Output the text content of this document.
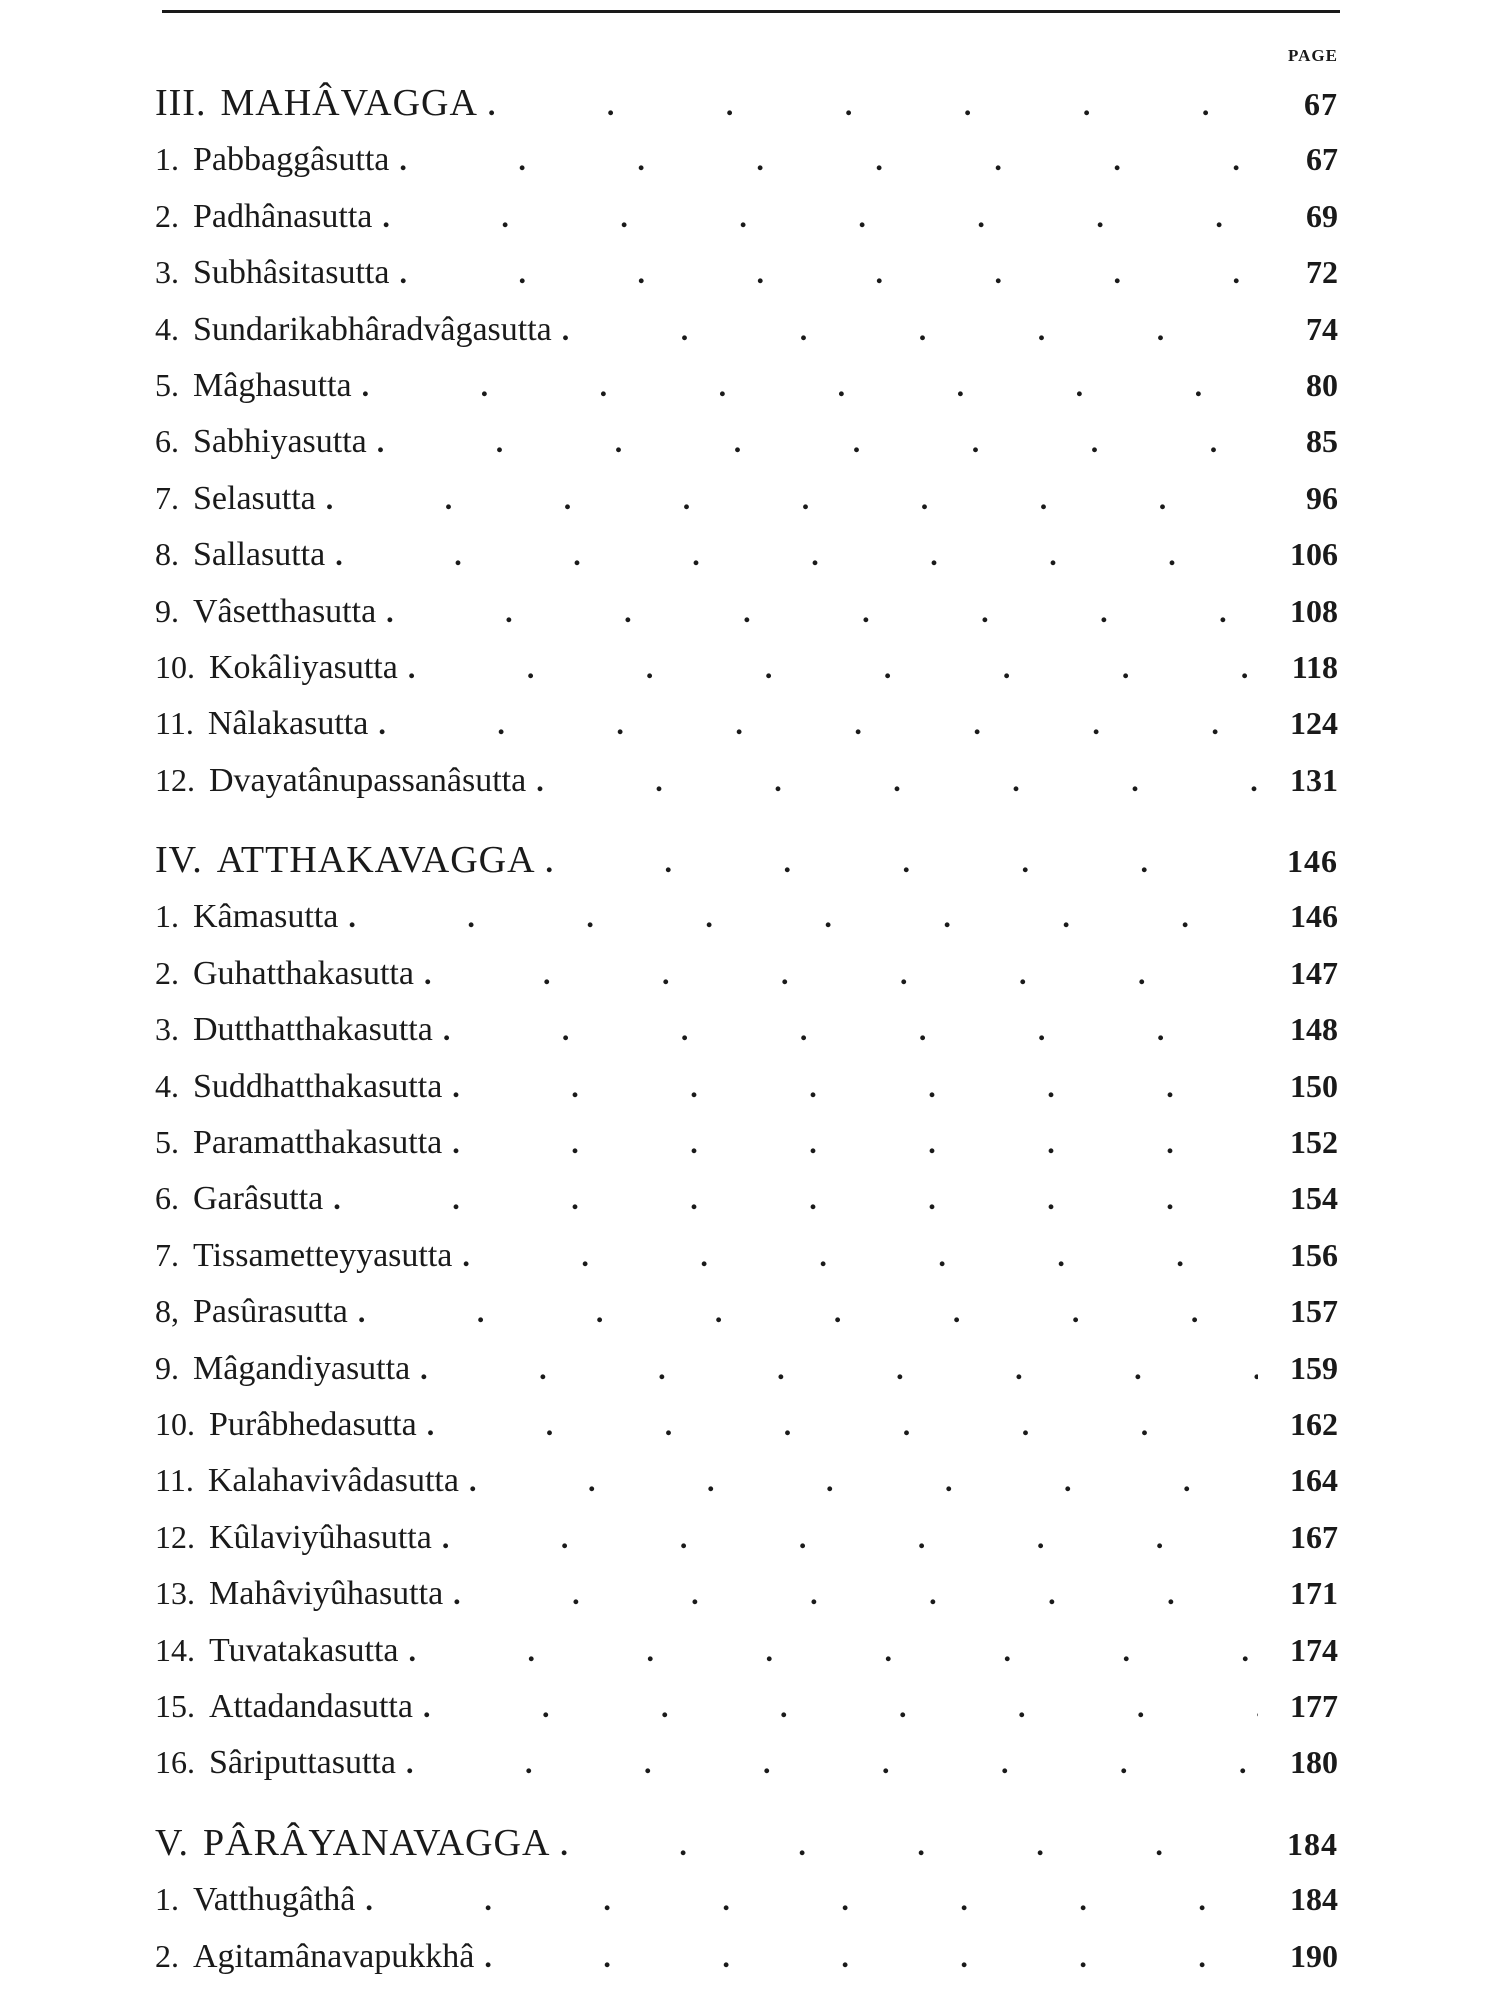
PAGE
III. MAHÂVAGGA . . .	67
1. Pabbaggâsutta . . .	67
2. Padhânasutta . . .	69
3. Subhâsitasutta . . .	72
4. Sundarikabhâradvâgasutta . . .	74
5. Mâghasutta . . .	80
6. Sabhiyasutta . . .	85
7. Selasutta . . .	96
8. Sallasutta . . .	106
9. Vâsetthasutta . . .	108
10. Kokâliyasutta . . .	118
11. Nâlakasutta . . .	124
12. Dvayatânupassanâsutta . . .	131
IV. ATTHAKAVAGGA . . .	146
1. Kâmasutta . . .	146
2. Guhatthakasutta . . .	147
3. Dutthatthakasutta . . .	148
4. Suddhatthakasutta . . .	150
5. Paramatthakasutta . . .	152
6. Garâsutta . . .	154
7. Tissametteyyasutta . . .	156
8, Pasûrasutta . . .	157
9. Mâgandiyasutta . . .	159
10. Purâbhedasutta . . .	162
11. Kalahavivâdasutta . . .	164
12. Kûlaviyûhasutta . . .	167
13. Mahâviyûhasutta . . .	171
14. Tuvatakasutta . . .	174
15. Attadandasutta . . .	177
16. Sâriputtasutta . . .	180
V. PÂRÂYANAVAGGA . . .	184
1. Vatthugâthâ . . .	184
2. Agitamânavapukkhâ . . .	190
